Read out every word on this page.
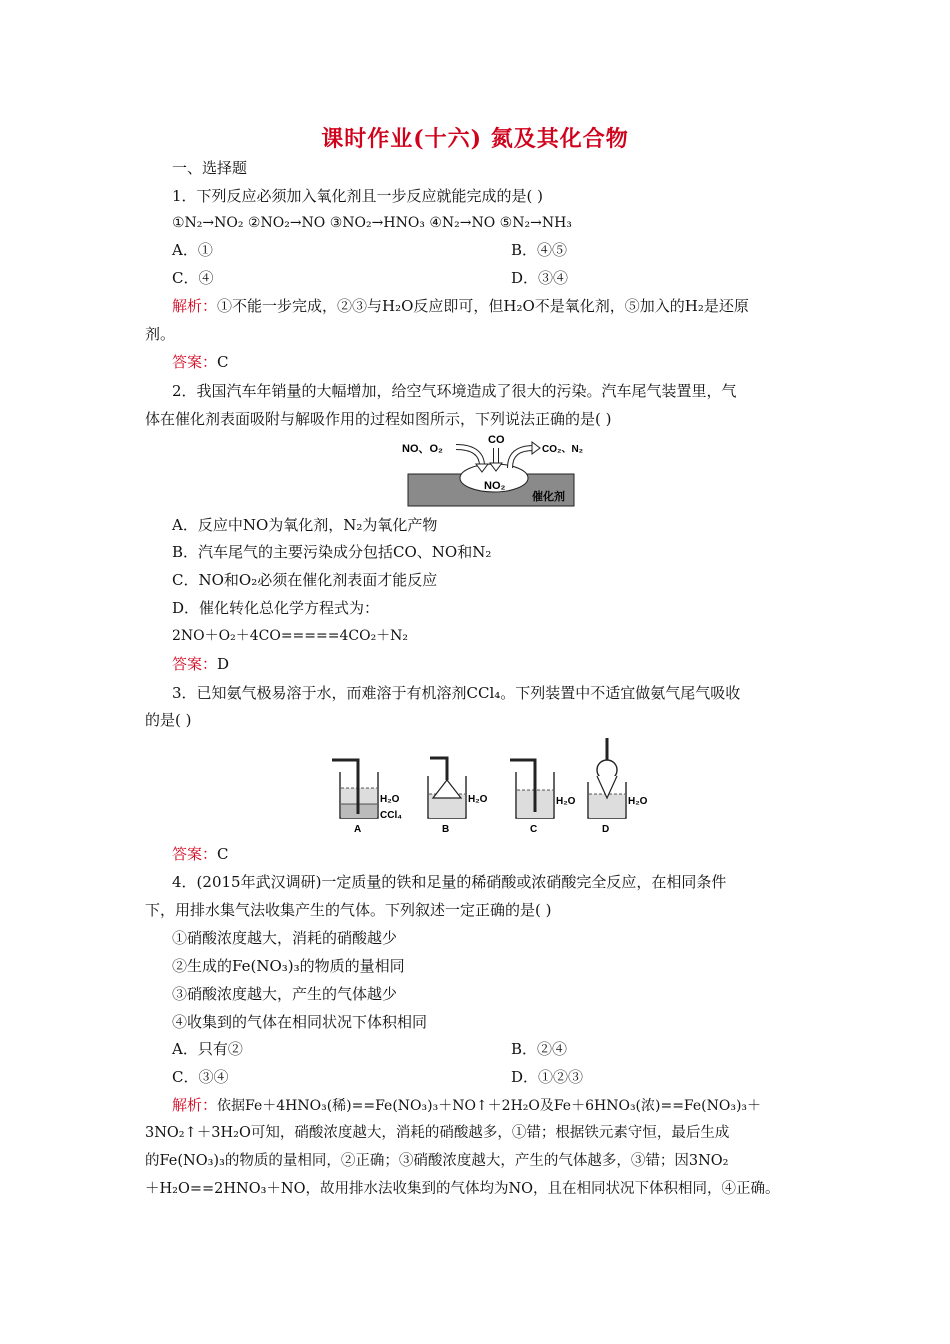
课时作业(十六) 氮及其化合物
一、选择题
1．下列反应必须加入氧化剂且一步反应就能完成的是( )
①N₂→NO₂ ②NO₂→NO ③NO₂→HNO₃ ④N₂→NO ⑤N₂→NH₃
A．①	B．④⑤
C．④	D．③④
解析：①不能一步完成，②③与H₂O反应即可，但H₂O不是氧化剂，⑤加入的H₂是还原
剂。
答案：C
2．我国汽车年销量的大幅增加，给空气环境造成了很大的污染。汽车尾气装置里，气
体在催化剂表面吸附与解吸作用的过程如图所示，下列说法正确的是( )
NO、O₂
CO
CO₂、N₂
NO₂
催化剂
A．反应中NO为氧化剂，N₂为氧化产物
B．汽车尾气的主要污染成分包括CO、NO和N₂
C．NO和O₂必须在催化剂表面才能反应
D．催化转化总化学方程式为：
2NO＋O₂＋4CO=====4CO₂＋N₂
答案：D
3．已知氨气极易溶于水，而难溶于有机溶剂CCl₄。下列装置中不适宜做氨气尾气吸收
的是( )
H₂O
CCl₄
A
H₂O
B
H₂O
C
H₂O
D
答案：C
4．(2015年武汉调研)一定质量的铁和足量的稀硝酸或浓硝酸完全反应，在相同条件
下，用排水集气法收集产生的气体。下列叙述一定正确的是( )
①硝酸浓度越大，消耗的硝酸越少
②生成的Fe(NO₃)₃的物质的量相同
③硝酸浓度越大，产生的气体越少
④收集到的气体在相同状况下体积相同
A．只有②	B．②④
C．③④	D．①②③
解析：依据Fe＋4HNO₃(稀)==Fe(NO₃)₃＋NO↑＋2H₂O及Fe＋6HNO₃(浓)==Fe(NO₃)₃＋
3NO₂↑＋3H₂O可知，硝酸浓度越大，消耗的硝酸越多，①错；根据铁元素守恒，最后生成
的Fe(NO₃)₃的物质的量相同，②正确；③硝酸浓度越大，产生的气体越多，③错；因3NO₂
＋H₂O==2HNO₃＋NO，故用排水法收集到的气体均为NO，且在相同状况下体积相同，④正确。
